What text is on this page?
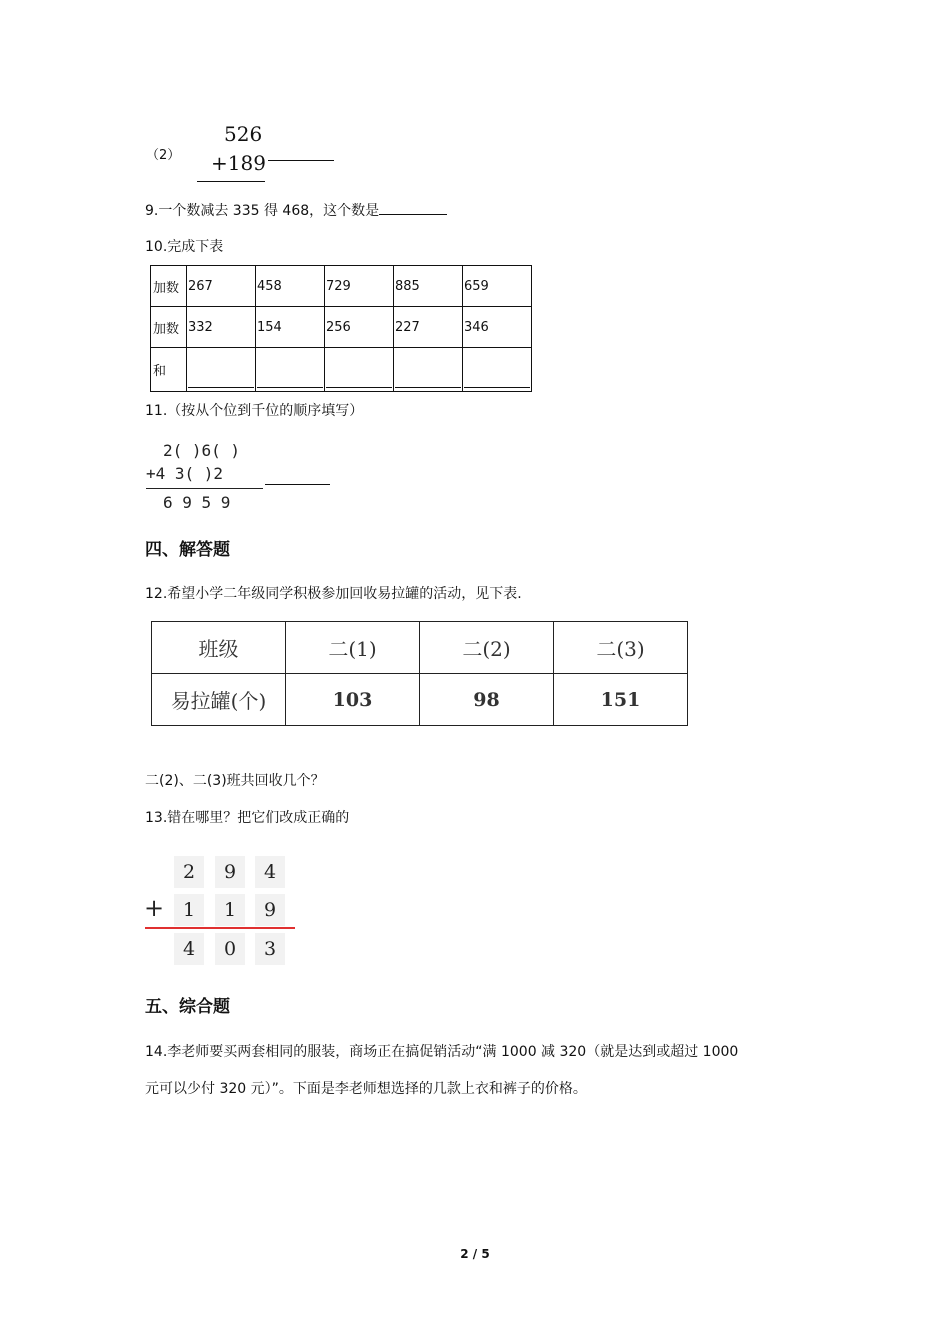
（2）
526
+189
9.一个数减去 335 得 468，这个数是
10.完成下表
加数	267	458	729	885	659
加数	332	154	256	227	346
和	

11.（按从个位到千位的顺序填写）
2( )6( )
+4 3( )2
6 9 5 9
四、解答题
12.希望小学二年级同学积极参加回收易拉罐的活动，见下表.
班级	二(1)	二(2)	二(3)
易拉罐(个)	103	98	151
二(2)、二(3)班共回收几个？
13.错在哪里？把它们改成正确的
2	9	4
+ 1	1	9
4	0	3
五、综合题
14.李老师要买两套相同的服装，商场正在搞促销活动“满 1000 减 320（就是达到或超过 1000
元可以少付 320 元）”。下面是李老师想选择的几款上衣和裤子的价格。
2 / 5
